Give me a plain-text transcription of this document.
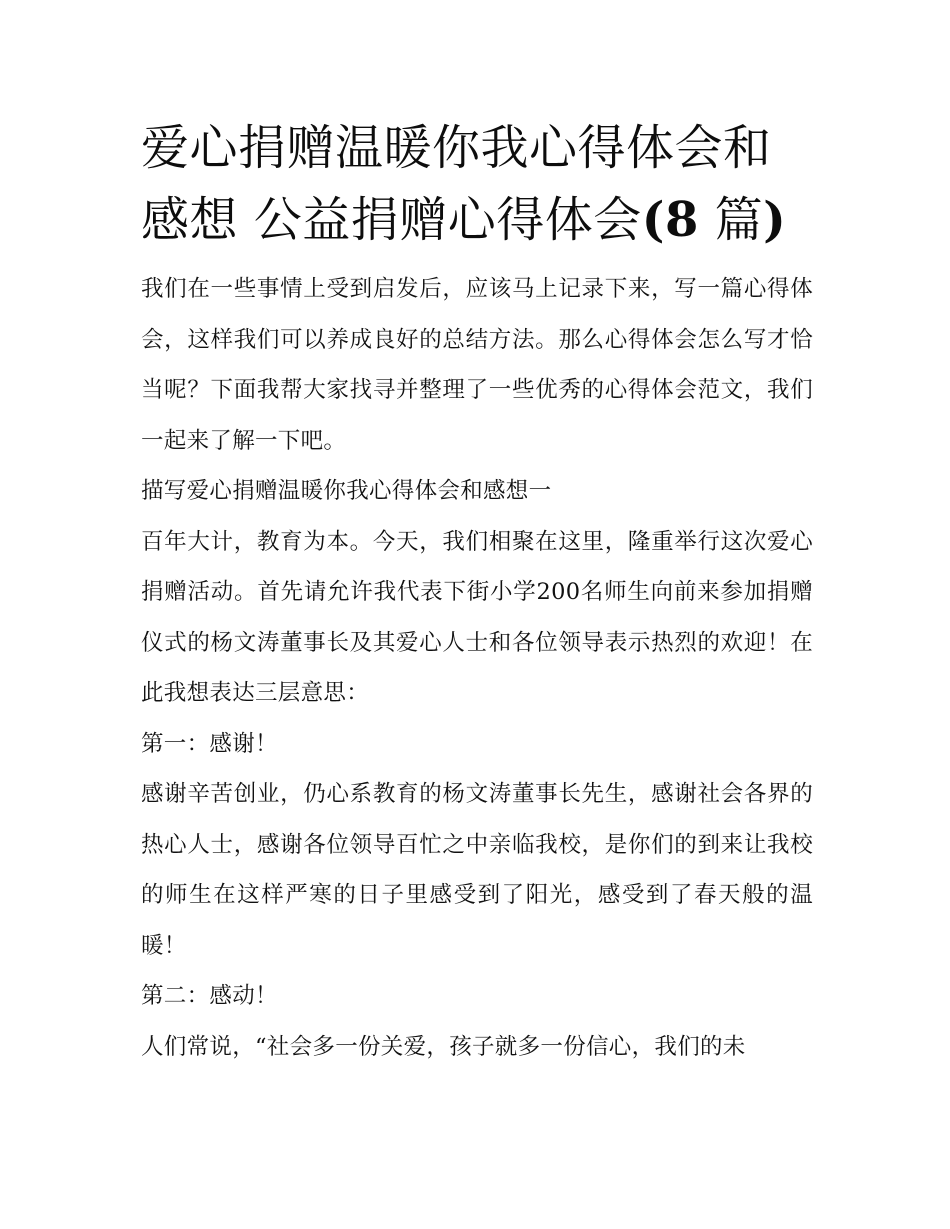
爱心捐赠温暖你我心得体会和
感想 公益捐赠心得体会(8 篇)

我们在一些事情上受到启发后，应该马上记录下来，写一篇心得体会，这样我们可以养成良好的总结方法。那么心得体会怎么写才恰当呢？下面我帮大家找寻并整理了一些优秀的心得体会范文，我们一起来了解一下吧。

描写爱心捐赠温暖你我心得体会和感想一

百年大计，教育为本。今天，我们相聚在这里，隆重举行这次爱心捐赠活动。首先请允许我代表下街小学200名师生向前来参加捐赠仪式的杨文涛董事长及其爱心人士和各位领导表示热烈的欢迎！在此我想表达三层意思：

第一：感谢！

感谢辛苦创业，仍心系教育的杨文涛董事长先生，感谢社会各界的热心人士，感谢各位领导百忙之中亲临我校，是你们的到来让我校的师生在这样严寒的日子里感受到了阳光，感受到了春天般的温暖！

第二：感动！

人们常说，“社会多一份关爱，孩子就多一份信心，我们的未
